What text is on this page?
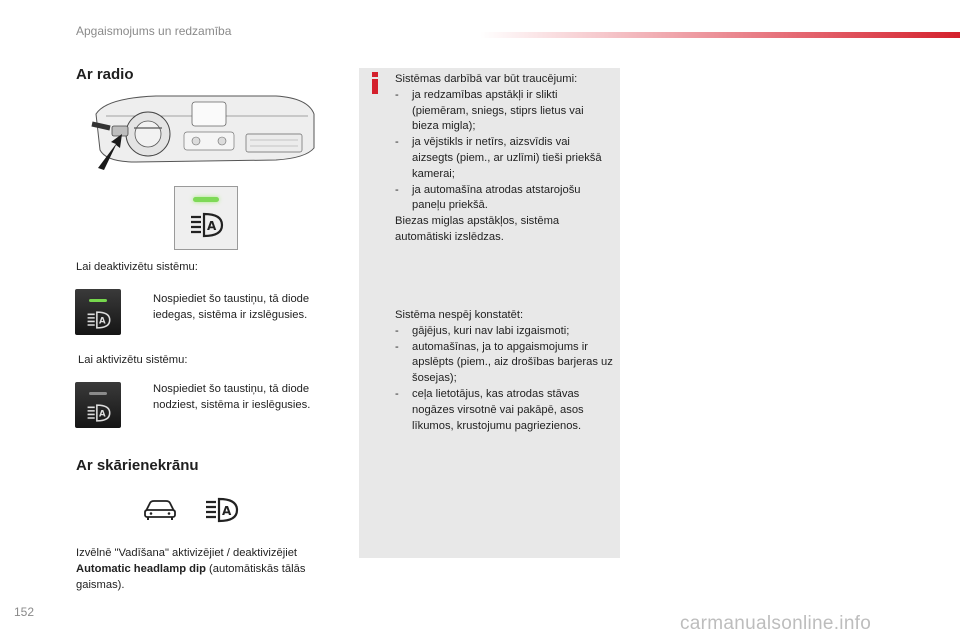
Apgaismojums un redzamība
Ar radio
A
Lai deaktivizētu sistēmu:
A
Nospiediet šo taustiņu, tā diode iedegas, sistēma ir izslēgusies.
Lai aktivizētu sistēmu:
A
Nospiediet šo taustiņu, tā diode nodziest, sistēma ir ieslēgusies.
Ar skārienekrānu
A
Izvēlnē "Vadīšana" aktivizējiet / deaktivizējiet Automatic headlamp dip (automātiskās tālās gaismas).
Sistēmas darbībā var būt traucējumi:
-	ja redzamības apstākļi ir slikti (piemēram, sniegs, stiprs lietus vai bieza migla);
-	ja vējstikls ir netīrs, aizsvīdis vai aizsegts (piem., ar uzlīmi) tieši priekšā kamerai;
-	ja automašīna atrodas atstarojošu paneļu priekšā.
Biezas miglas apstākļos, sistēma automātiski izslēdzas.
Sistēma nespēj konstatēt:
-	gājējus, kuri nav labi izgaismoti;
-	automašīnas, ja to apgaismojums ir apslēpts (piem., aiz drošības barjeras uz šosejas);
-	ceļa lietotājus, kas atrodas stāvas nogāzes virsotnē vai pakāpē, asos līkumos, krustojumu pagriezienos.
152
carmanualsonline.info
